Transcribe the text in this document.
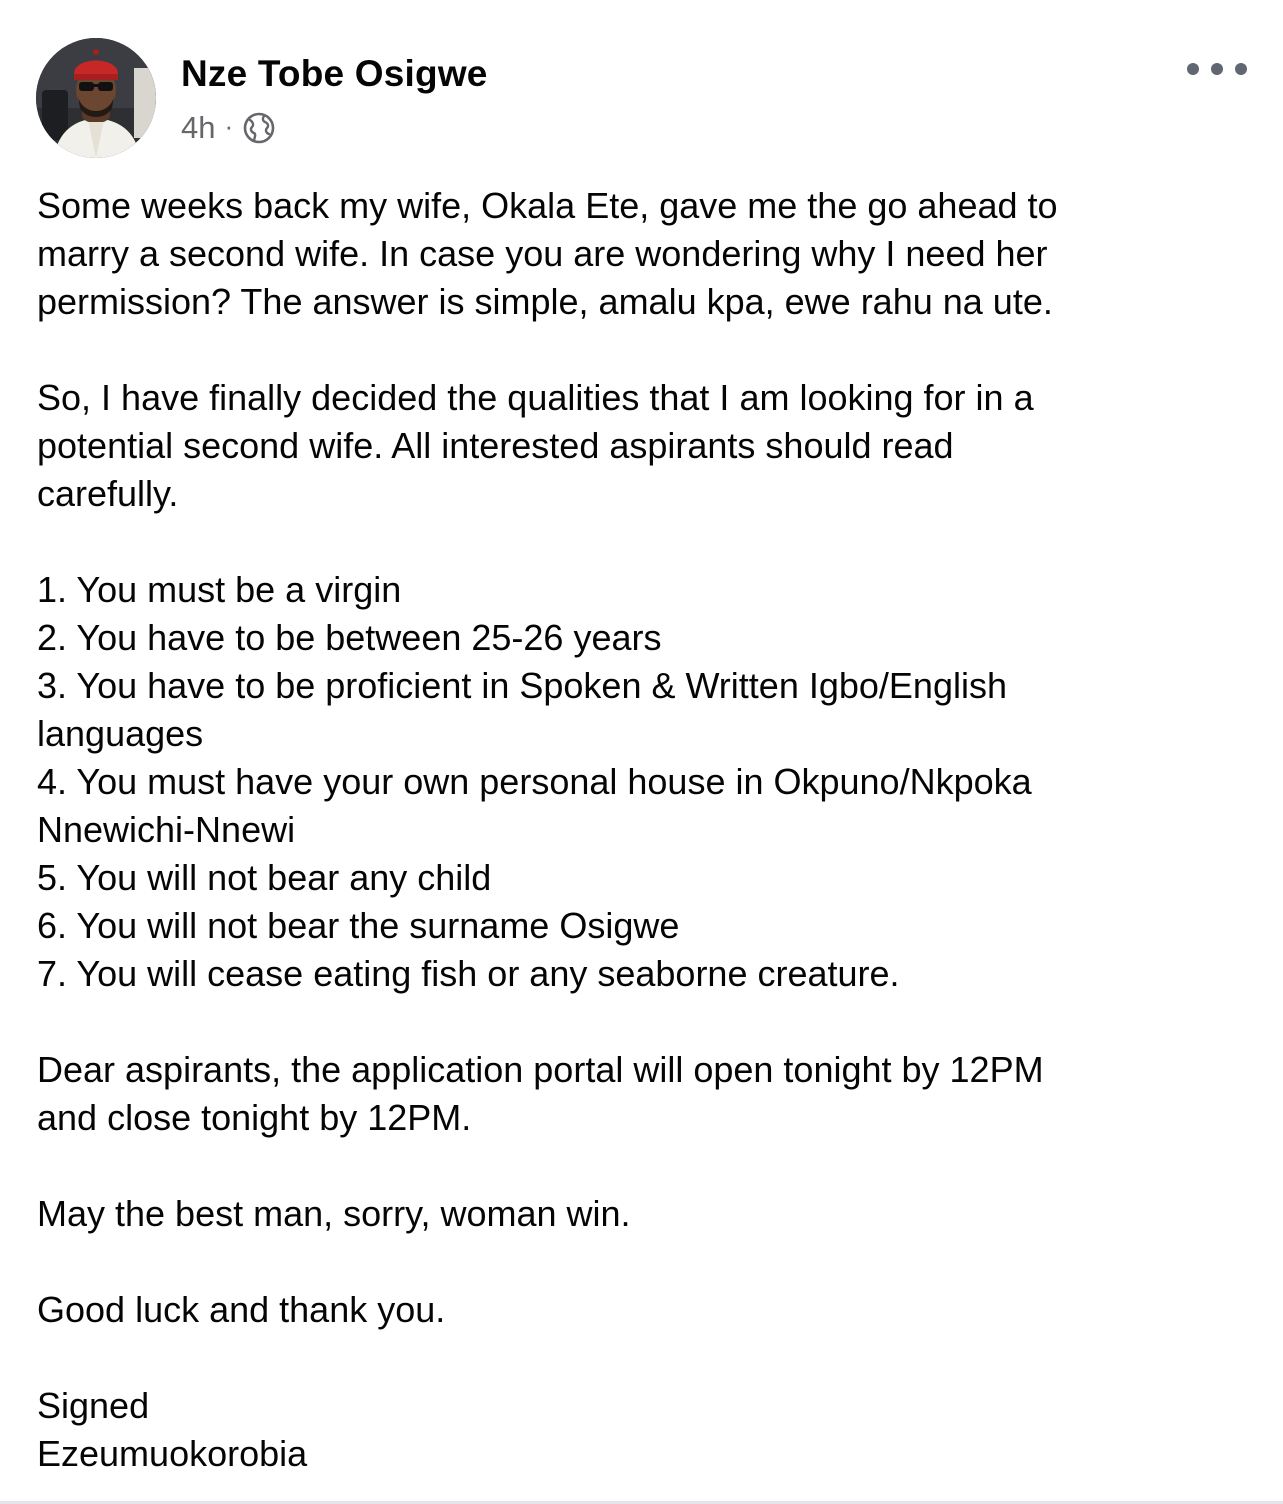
Nze Tobe Osigwe
4h ·

Some weeks back my wife, Okala Ete, gave me the go ahead to
marry a second wife. In case you are wondering why I need her
permission? The answer is simple, amalu kpa, ewe rahu na ute.

So, I have finally decided the qualities that I am looking for in a
potential second wife. All interested aspirants should read
carefully.

1. You must be a virgin
2. You have to be between 25-26 years
3. You have to be proficient in Spoken & Written Igbo/English
languages
4. You must have your own personal house in Okpuno/Nkpoka
Nnewichi-Nnewi
5. You will not bear any child
6. You will not bear the surname Osigwe
7. You will cease eating fish or any seaborne creature.

Dear aspirants, the application portal will open tonight by 12PM
and close tonight by 12PM.

May the best man, sorry, woman win.

Good luck and thank you.

Signed
Ezeumuokorobia
